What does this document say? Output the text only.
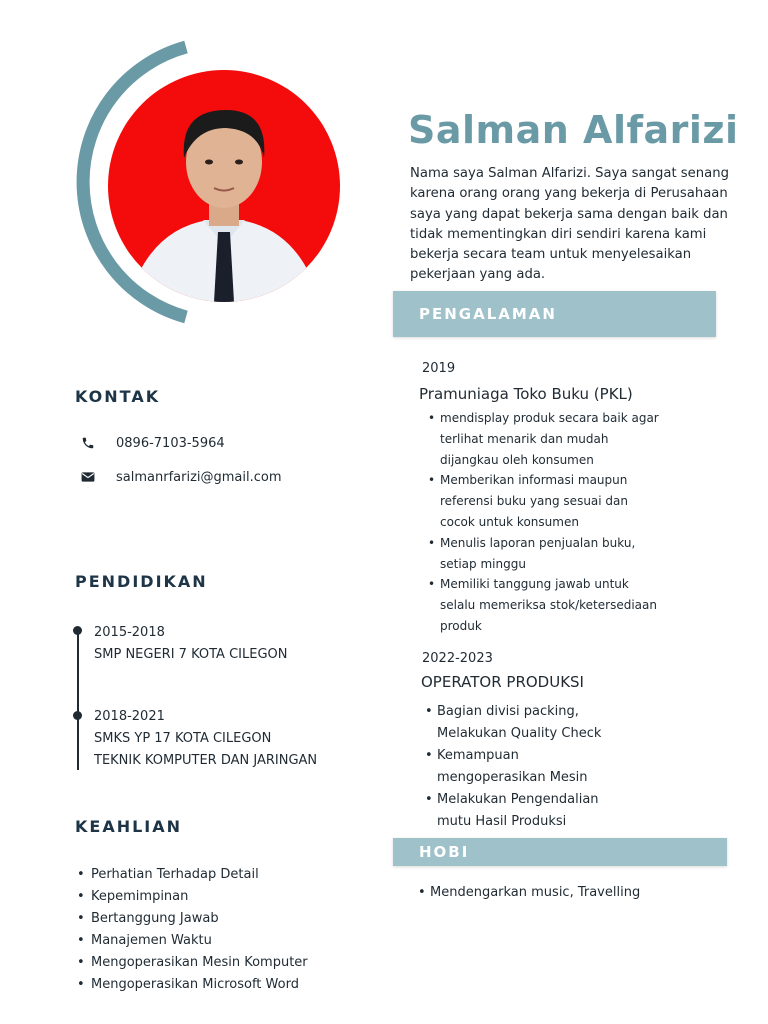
Salman Alfarizi
Nama saya Salman Alfarizi. Saya sangat senang karena orang orang yang bekerja di Perusahaan saya yang dapat bekerja sama dengan baik dan tidak mementingkan diri sendiri karena kami bekerja secara team untuk menyelesaikan pekerjaan yang ada.
KONTAK
0896-7103-5964
salmanrfarizi@gmail.com
PENDIDIKAN
2015-2018
SMP NEGERI 7 KOTA CILEGON
2018-2021
SMKS YP 17 KOTA CILEGON
TEKNIK KOMPUTER DAN JARINGAN
KEAHLIAN
• Perhatian Terhadap Detail
• Kepemimpinan
• Bertanggung Jawab
• Manajemen Waktu
• Mengoperasikan Mesin Komputer
• Mengoperasikan Microsoft Word
PENGALAMAN
2019
Pramuniaga Toko Buku (PKL)
• mendisplay produk secara baik agar
terlihat menarik dan mudah
dijangkau oleh konsumen
• Memberikan informasi maupun
referensi buku yang sesuai dan
cocok untuk konsumen
• Menulis laporan penjualan buku,
setiap minggu
• Memiliki tanggung jawab untuk
selalu memeriksa stok/ketersediaan
produk
2022-2023
OPERATOR PRODUKSI
• Bagian divisi packing,
Melakukan Quality Check
• Kemampuan
mengoperasikan Mesin
• Melakukan Pengendalian
mutu Hasil Produksi
HOBI
• Mendengarkan music, Travelling
